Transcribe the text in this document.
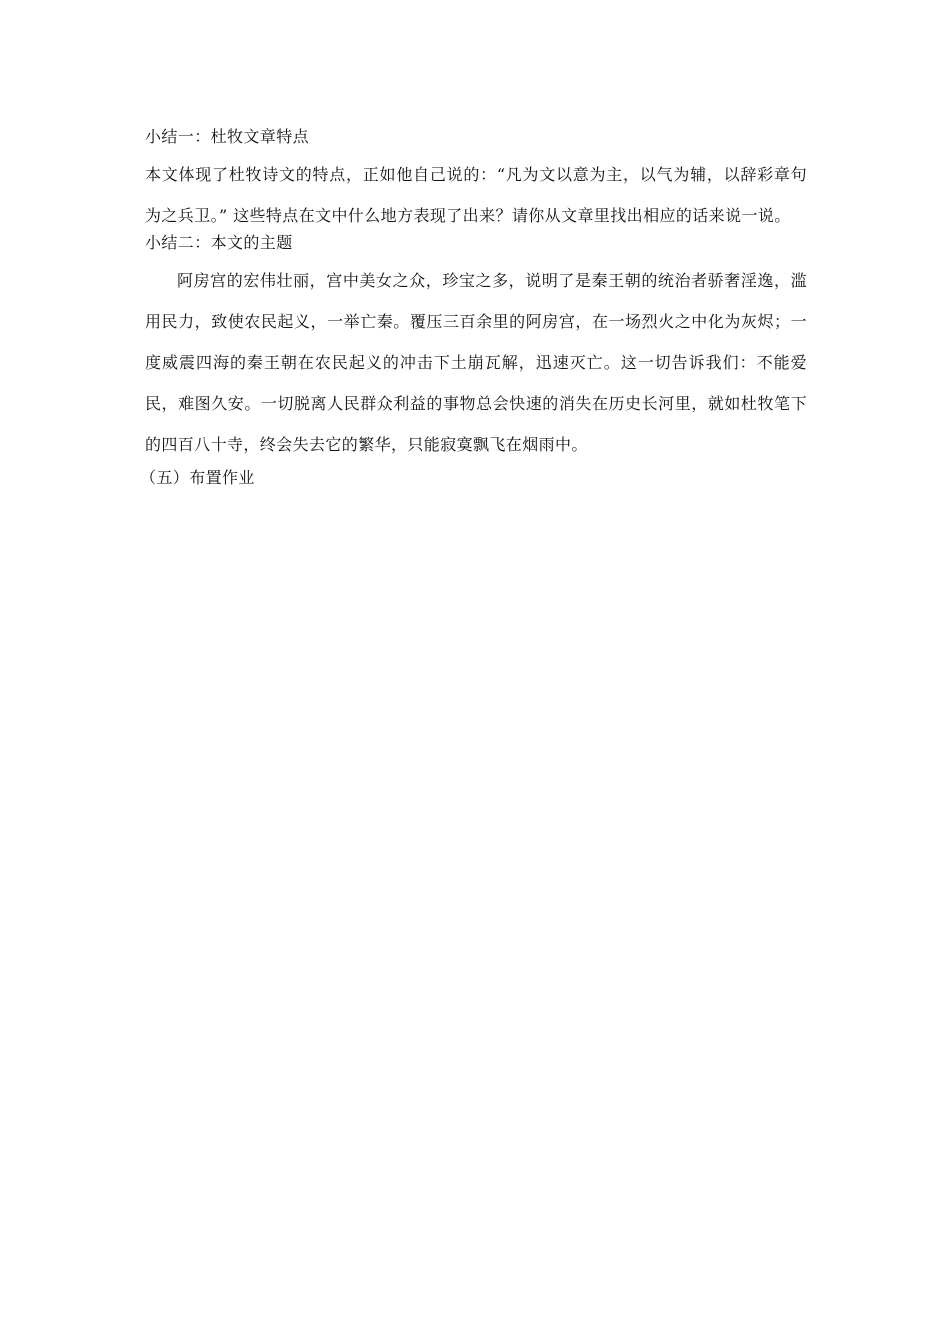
小结一：杜牧文章特点

本文体现了杜牧诗文的特点，正如他自己说的：“凡为文以意为主，以气为辅，以辞彩章句为之兵卫。” 这些特点在文中什么地方表现了出来？请你从文章里找出相应的话来说一说。

小结二：本文的主题

阿房宫的宏伟壮丽，宫中美女之众，珍宝之多，说明了是秦王朝的统治者骄奢淫逸，滥用民力，致使农民起义，一举亡秦。覆压三百余里的阿房宫，在一场烈火之中化为灰烬；一度威震四海的秦王朝在农民起义的冲击下土崩瓦解，迅速灭亡。这一切告诉我们：不能爱民，难图久安。一切脱离人民群众利益的事物总会快速的消失在历史长河里，就如杜牧笔下的四百八十寺，终会失去它的繁华，只能寂寞飘飞在烟雨中。

（五）布置作业
